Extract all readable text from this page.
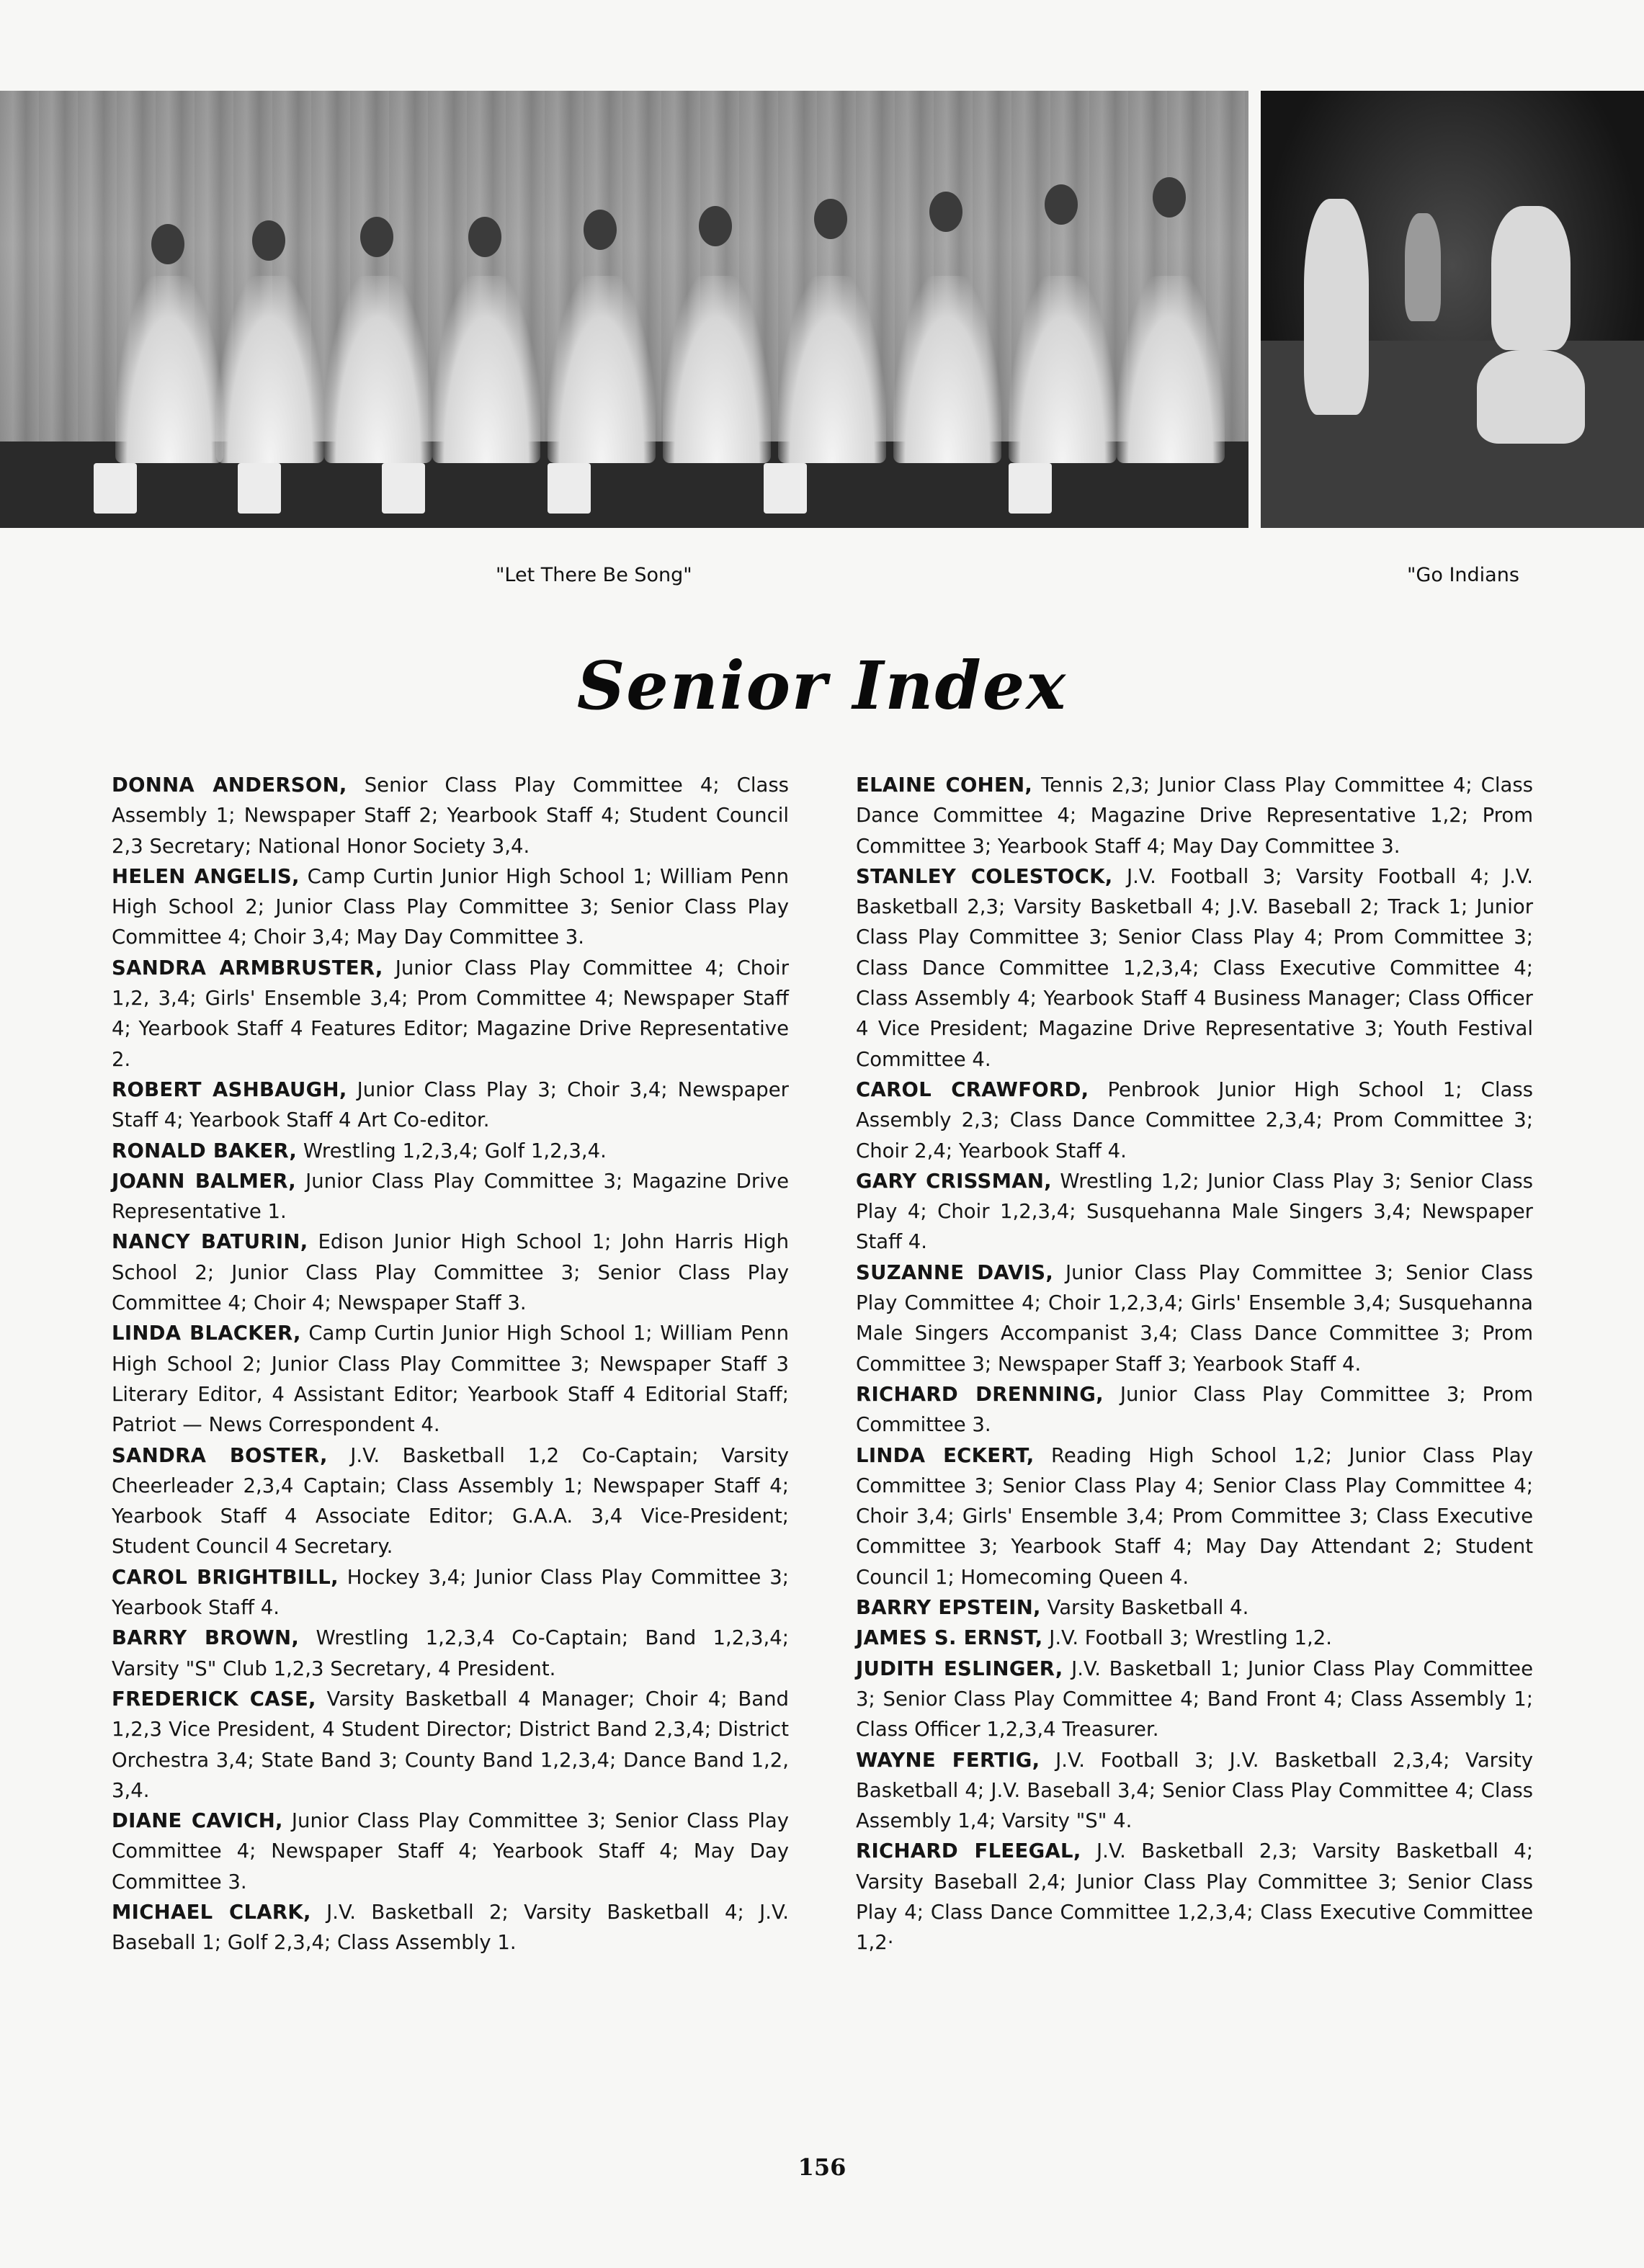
"Let There Be Song"	"Go Indians
Senior Index

DONNA ANDERSON, Senior Class Play Committee 4; Class Assembly 1; Newspaper Staff 2; Yearbook Staff 4; Student Council 2,3 Secretary; National Honor Society 3,4.

HELEN ANGELIS, Camp Curtin Junior High School 1; William Penn High School 2; Junior Class Play Committee 3; Senior Class Play Committee 4; Choir 3,4; May Day Committee 3.

SANDRA ARMBRUSTER, Junior Class Play Committee 4; Choir 1,2, 3,4; Girls' Ensemble 3,4; Prom Committee 4; Newspaper Staff 4; Yearbook Staff 4 Features Editor; Magazine Drive Representative 2.

ROBERT ASHBAUGH, Junior Class Play 3; Choir 3,4; Newspaper Staff 4; Yearbook Staff 4 Art Co-editor.

RONALD BAKER, Wrestling 1,2,3,4; Golf 1,2,3,4.

JOANN BALMER, Junior Class Play Committee 3; Magazine Drive Representative 1.

NANCY BATURIN, Edison Junior High School 1; John Harris High School 2; Junior Class Play Committee 3; Senior Class Play Committee 4; Choir 4; Newspaper Staff 3.

LINDA BLACKER, Camp Curtin Junior High School 1; William Penn High School 2; Junior Class Play Committee 3; Newspaper Staff 3 Literary Editor, 4 Assistant Editor; Yearbook Staff 4 Editorial Staff; Patriot — News Correspondent 4.

SANDRA BOSTER, J.V. Basketball 1,2 Co-Captain; Varsity Cheerleader 2,3,4 Captain; Class Assembly 1; Newspaper Staff 4; Yearbook Staff 4 Associate Editor; G.A.A. 3,4 Vice-President; Student Council 4 Secretary.

CAROL BRIGHTBILL, Hockey 3,4; Junior Class Play Committee 3; Yearbook Staff 4.

BARRY BROWN, Wrestling 1,2,3,4 Co-Captain; Band 1,2,3,4; Varsity "S" Club 1,2,3 Secretary, 4 President.

FREDERICK CASE, Varsity Basketball 4 Manager; Choir 4; Band 1,2,3 Vice President, 4 Student Director; District Band 2,3,4; District Orchestra 3,4; State Band 3; County Band 1,2,3,4; Dance Band 1,2, 3,4.

DIANE CAVICH, Junior Class Play Committee 3; Senior Class Play Committee 4; Newspaper Staff 4; Yearbook Staff 4; May Day Committee 3.

MICHAEL CLARK, J.V. Basketball 2; Varsity Basketball 4; J.V. Baseball 1; Golf 2,3,4; Class Assembly 1.

ELAINE COHEN, Tennis 2,3; Junior Class Play Committee 4; Class Dance Committee 4; Magazine Drive Representative 1,2; Prom Committee 3; Yearbook Staff 4; May Day Committee 3.

STANLEY COLESTOCK, J.V. Football 3; Varsity Football 4; J.V. Basketball 2,3; Varsity Basketball 4; J.V. Baseball 2; Track 1; Junior Class Play Committee 3; Senior Class Play 4; Prom Committee 3; Class Dance Committee 1,2,3,4; Class Executive Committee 4; Class Assembly 4; Yearbook Staff 4 Business Manager; Class Officer 4 Vice President; Magazine Drive Representative 3; Youth Festival Committee 4.

CAROL CRAWFORD, Penbrook Junior High School 1; Class Assembly 2,3; Class Dance Committee 2,3,4; Prom Committee 3; Choir 2,4; Yearbook Staff 4.

GARY CRISSMAN, Wrestling 1,2; Junior Class Play 3; Senior Class Play 4; Choir 1,2,3,4; Susquehanna Male Singers 3,4; Newspaper Staff 4.

SUZANNE DAVIS, Junior Class Play Committee 3; Senior Class Play Committee 4; Choir 1,2,3,4; Girls' Ensemble 3,4; Susquehanna Male Singers Accompanist 3,4; Class Dance Committee 3; Prom Committee 3; Newspaper Staff 3; Yearbook Staff 4.

RICHARD DRENNING, Junior Class Play Committee 3; Prom Committee 3.

LINDA ECKERT, Reading High School 1,2; Junior Class Play Committee 3; Senior Class Play 4; Senior Class Play Committee 4; Choir 3,4; Girls' Ensemble 3,4; Prom Committee 3; Class Executive Committee 3; Yearbook Staff 4; May Day Attendant 2; Student Council 1; Homecoming Queen 4.

BARRY EPSTEIN, Varsity Basketball 4.

JAMES S. ERNST, J.V. Football 3; Wrestling 1,2.

JUDITH ESLINGER, J.V. Basketball 1; Junior Class Play Committee 3; Senior Class Play Committee 4; Band Front 4; Class Assembly 1; Class Officer 1,2,3,4 Treasurer.

WAYNE FERTIG, J.V. Football 3; J.V. Basketball 2,3,4; Varsity Basketball 4; J.V. Baseball 3,4; Senior Class Play Committee 4; Class Assembly 1,4; Varsity "S" 4.

RICHARD FLEEGAL, J.V. Basketball 2,3; Varsity Basketball 4; Varsity Baseball 2,4; Junior Class Play Committee 3; Senior Class Play 4; Class Dance Committee 1,2,3,4; Class Executive Committee 1,2·

156
